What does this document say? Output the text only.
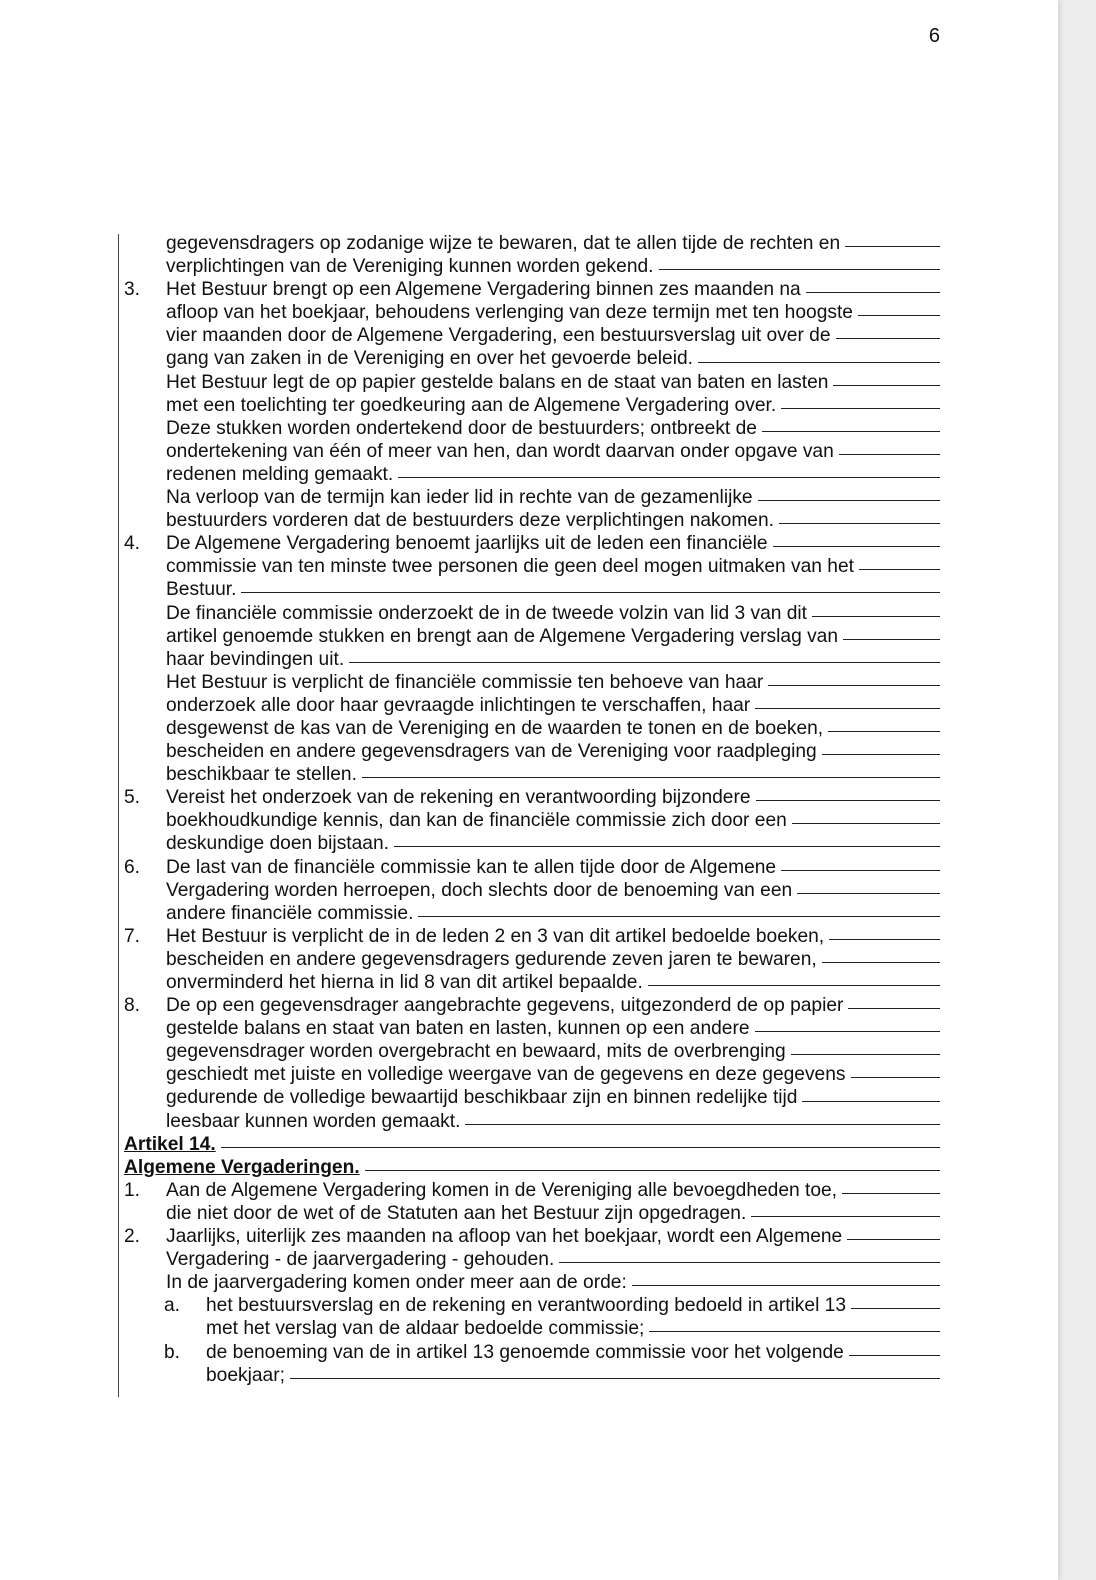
6
gegevensdragers op zodanige wijze te bewaren, dat te allen tijde de rechten en
verplichtingen van de Vereniging kunnen worden gekend.
3.	Het Bestuur brengt op een Algemene Vergadering binnen zes maanden na
afloop van het boekjaar, behoudens verlenging van deze termijn met ten hoogste
vier maanden door de Algemene Vergadering, een bestuursverslag uit over de
gang van zaken in de Vereniging en over het gevoerde beleid.
Het Bestuur legt de op papier gestelde balans en de staat van baten en lasten
met een toelichting ter goedkeuring aan de Algemene Vergadering over.
Deze stukken worden ondertekend door de bestuurders; ontbreekt de
ondertekening van één of meer van hen, dan wordt daarvan onder opgave van
redenen melding gemaakt.
Na verloop van de termijn kan ieder lid in rechte van de gezamenlijke
bestuurders vorderen dat de bestuurders deze verplichtingen nakomen.
4.	De Algemene Vergadering benoemt jaarlijks uit de leden een financiële
commissie van ten minste twee personen die geen deel mogen uitmaken van het
Bestuur.
De financiële commissie onderzoekt de in de tweede volzin van lid 3 van dit
artikel genoemde stukken en brengt aan de Algemene Vergadering verslag van
haar bevindingen uit.
Het Bestuur is verplicht de financiële commissie ten behoeve van haar
onderzoek alle door haar gevraagde inlichtingen te verschaffen, haar
desgewenst de kas van de Vereniging en de waarden te tonen en de boeken,
bescheiden en andere gegevensdragers van de Vereniging voor raadpleging
beschikbaar te stellen.
5.	Vereist het onderzoek van de rekening en verantwoording bijzondere
boekhoudkundige kennis, dan kan de financiële commissie zich door een
deskundige doen bijstaan.
6.	De last van de financiële commissie kan te allen tijde door de Algemene
Vergadering worden herroepen, doch slechts door de benoeming van een
andere financiële commissie.
7.	Het Bestuur is verplicht de in de leden 2 en 3 van dit artikel bedoelde boeken,
bescheiden en andere gegevensdragers gedurende zeven jaren te bewaren,
onverminderd het hierna in lid 8 van dit artikel bepaalde.
8.	De op een gegevensdrager aangebrachte gegevens, uitgezonderd de op papier
gestelde balans en staat van baten en lasten, kunnen op een andere
gegevensdrager worden overgebracht en bewaard, mits de overbrenging
geschiedt met juiste en volledige weergave van de gegevens en deze gegevens
gedurende de volledige bewaartijd beschikbaar zijn en binnen redelijke tijd
leesbaar kunnen worden gemaakt.
Artikel 14.
Algemene Vergaderingen.
1.	Aan de Algemene Vergadering komen in de Vereniging alle bevoegdheden toe,
die niet door de wet of de Statuten aan het Bestuur zijn opgedragen.
2.	Jaarlijks, uiterlijk zes maanden na afloop van het boekjaar, wordt een Algemene
Vergadering - de jaarvergadering - gehouden.
In de jaarvergadering komen onder meer aan de orde:
a.	het bestuursverslag en de rekening en verantwoording bedoeld in artikel 13
met het verslag van de aldaar bedoelde commissie;
b.	de benoeming van de in artikel 13 genoemde commissie voor het volgende
boekjaar;
